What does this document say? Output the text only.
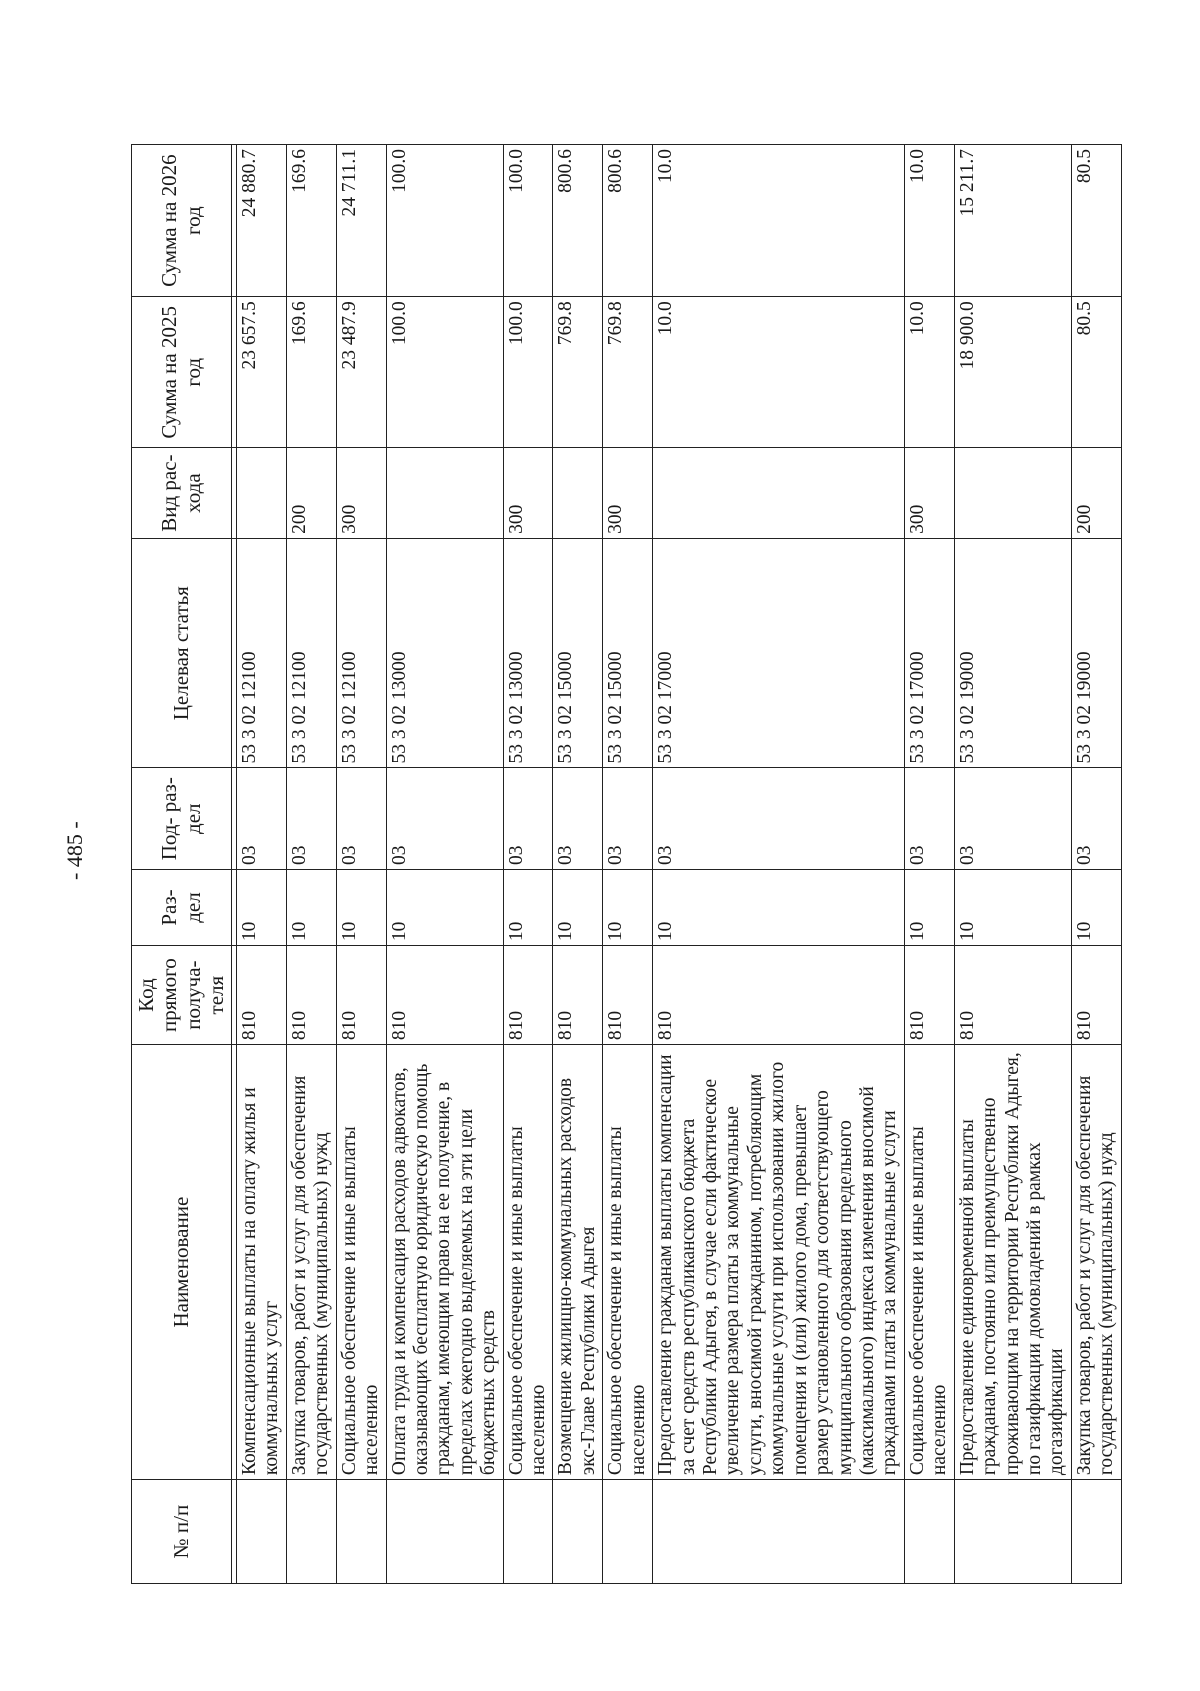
- 485 -
№ п/п	Наименование	Код прямого получа- теля	Раз- дел	Под- раз- дел	Целевая статья	Вид рас- хода	Сумма на 2025 год	Сумма на 2026 год

	Компенсационные выплаты на оплату жилья и коммунальных услуг	810	10	03	53 3 02 12100		23 657.5	24 880.7
	Закупка товаров, работ и услуг для обеспечения государственных (муниципальных) нужд	810	10	03	53 3 02 12100	200	169.6	169.6
	Социальное обеспечение и иные выплаты населению	810	10	03	53 3 02 12100	300	23 487.9	24 711.1
	Оплата труда и компенсация расходов адвокатов, оказывающих бесплатную юридическую помощь гражданам, имеющим право на ее получение, в пределах ежегодно выделяемых на эти цели бюджетных средств	810	10	03	53 3 02 13000		100.0	100.0
	Социальное обеспечение и иные выплаты населению	810	10	03	53 3 02 13000	300	100.0	100.0
	Возмещение жилищно-коммунальных расходов экс-Главе Республики Адыгея	810	10	03	53 3 02 15000		769.8	800.6
	Социальное обеспечение и иные выплаты населению	810	10	03	53 3 02 15000	300	769.8	800.6
	Предоставление гражданам выплаты компенсации за счет средств республиканского бюджета Республики Адыгея, в случае если фактическое увеличение размера платы за коммунальные услуги, вносимой гражданином, потребляющим коммунальные услуги при использовании жилого помещения и (или) жилого дома, превышает размер установленного для соответствующего муниципального образования предельного (максимального) индекса изменения вносимой гражданами платы за коммунальные услуги	810	10	03	53 3 02 17000		10.0	10.0
	Социальное обеспечение и иные выплаты населению	810	10	03	53 3 02 17000	300	10.0	10.0
	Предоставление единовременной выплаты гражданам, постоянно или преимущественно проживающим на территории Республики Адыгея, по газификации домовладений в рамках догазификации	810	10	03	53 3 02 19000		18 900.0	15 211.7
	Закупка товаров, работ и услуг для обеспечения государственных (муниципальных) нужд	810	10	03	53 3 02 19000	200	80.5	80.5
